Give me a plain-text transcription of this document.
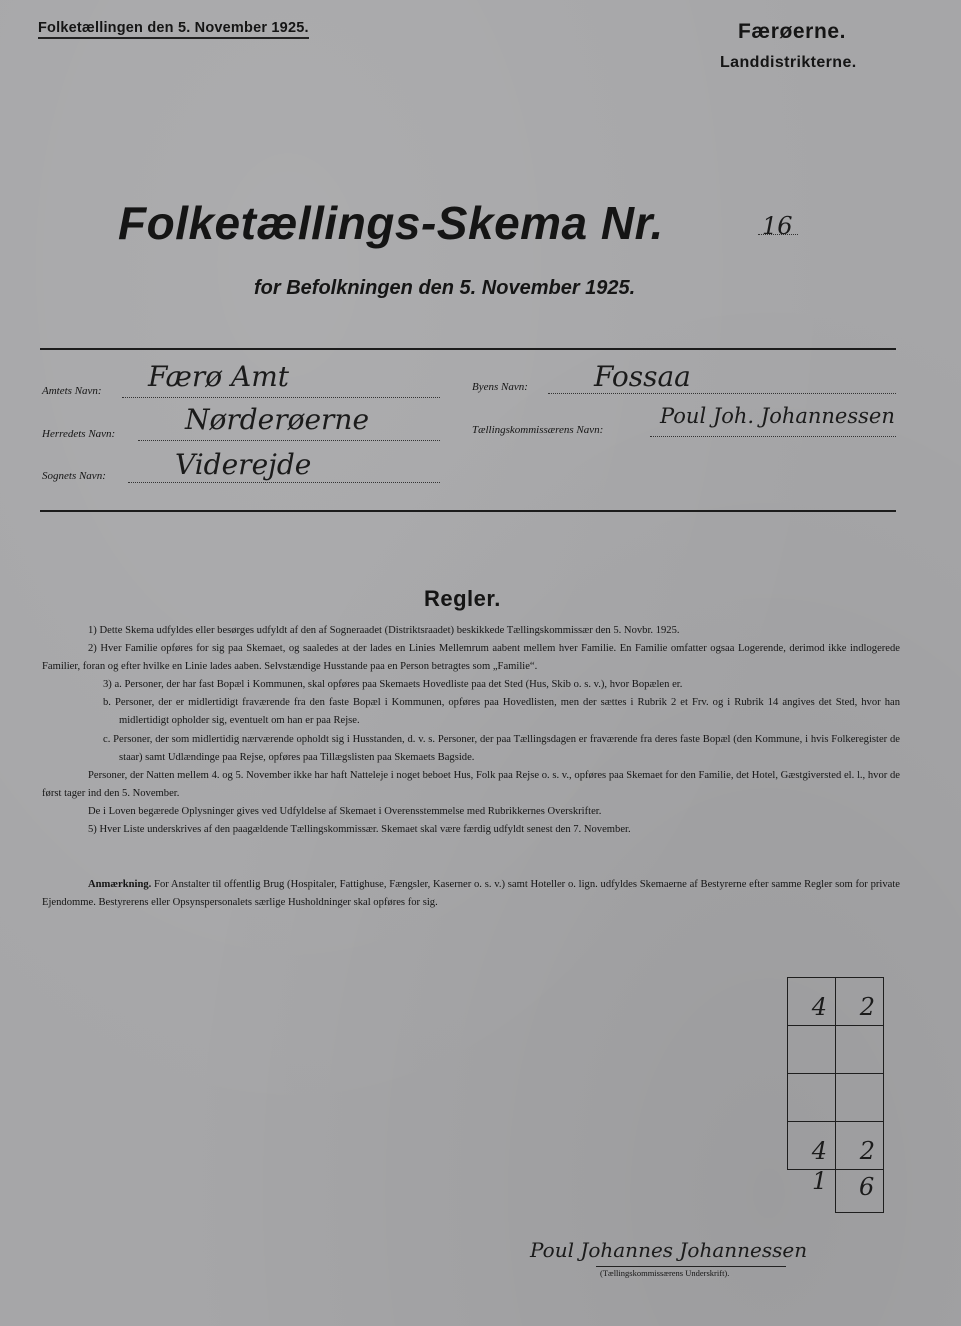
Folketællingen den 5. November 1925.	Færøerne.
Landdistrikterne.
Folketællings-Skema Nr.	16
for Befolkningen den 5. November 1925.
Amtets Navn: Færø Amt
Herredets Navn: Nørderøerne
Sognets Navn: Viderejde
Byens Navn: Fossaa
Tællingskommissærens Navn:
Poul Joh. Johannessen
Regler.

1) Dette Skema udfyldes eller besørges udfyldt af den af Sogneraadet (Distriktsraadet) beskikkede Tællingskommissær den 5. Novbr. 1925.

2) Hver Familie opføres for sig paa Skemaet, og saaledes at der lades en Linies Mellemrum aabent mellem hver Familie. En Familie omfatter ogsaa Logerende, derimod ikke indlogerede Familier, foran og efter hvilke en Linie lades aaben. Selvstændige Husstande paa en Person betragtes som „Familie“.

3) a. Personer, der har fast Bopæl i Kommunen, skal opføres paa Skemaets Hovedliste paa det Sted (Hus, Skib o. s. v.), hvor Bopælen er.

b. Personer, der er midlertidigt fraværende fra den faste Bopæl i Kommunen, opføres paa Hovedlisten, men der sættes i Rubrik 2 et Frv. og i Rubrik 14 angives det Sted, hvor han midlertidigt opholder sig, eventuelt om han er paa Rejse.

c. Personer, der som midlertidig nærværende opholdt sig i Husstanden, d. v. s. Personer, der paa Tællingsdagen er fraværende fra deres faste Bopæl (den Kommune, i hvis Folkeregister de staar) samt Udlændinge paa Rejse, opføres paa Tillægslisten paa Skemaets Bagside.

Personer, der Natten mellem 4. og 5. November ikke har haft Natteleje i noget beboet Hus, Folk paa Rejse o. s. v., opføres paa Skemaet for den Familie, det Hotel, Gæstgiversted el. l., hvor de først tager ind den 5. November.

De i Loven begærede Oplysninger gives ved Udfyldelse af Skemaet i Overensstemmelse med Rubrikkernes Overskrifter.

5) Hver Liste underskrives af den paagældende Tællingskommissær. Skemaet skal være færdig udfyldt senest den 7. November.

Anmærkning. For Anstalter til offentlig Brug (Hospitaler, Fattighuse, Fængsler, Kaserner o. s. v.) samt Hoteller o. lign. udfyldes Skemaerne af Bestyrerne efter samme Regler som for private Ejendomme. Bestyrerens eller Opsynspersonalets særlige Husholdninger skal opføres for sig.

4	2

4	2
1 6
Poul Johannes Johannessen
(Tællingskommissærens Underskrift).
